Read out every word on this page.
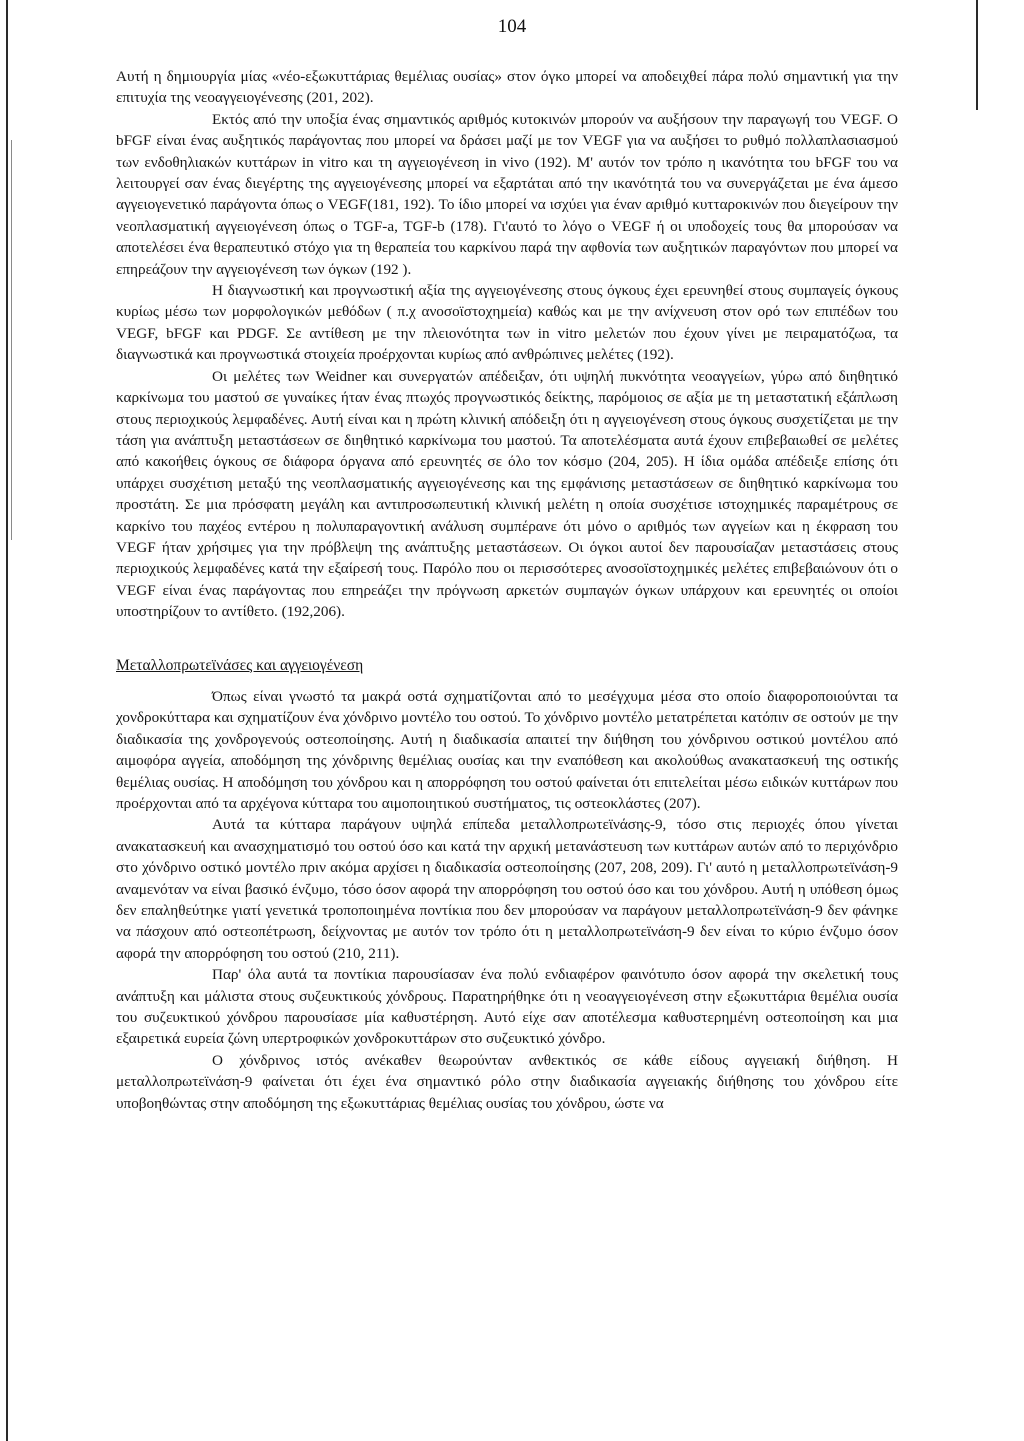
104

Αυτή η δημιουργία μίας «νέο-εξωκυττάριας θεμέλιας ουσίας» στον όγκο μπορεί να αποδειχθεί πάρα πολύ σημαντική για την επιτυχία της νεοαγγειογένεσης (201, 202).

Εκτός από την υποξία ένας σημαντικός αριθμός κυτοκινών μπορούν να αυξήσουν την παραγωγή του VEGF. Ο bFGF είναι ένας αυξητικός παράγοντας που μπορεί να δράσει μαζί με τον VEGF για να αυξήσει το ρυθμό πολλαπλασιασμού των ενδοθηλιακών κυττάρων in vitro και τη αγγειογένεση in vivo (192). Μ' αυτόν τον τρόπο η ικανότητα του bFGF του να λειτουργεί σαν ένας διεγέρτης της αγγειογένεσης μπορεί να εξαρτάται από την ικανότητά του να συνεργάζεται με ένα άμεσο αγγειογενετικό παράγοντα όπως ο VEGF(181, 192). Το ίδιο μπορεί να ισχύει για έναν αριθμό κυτταροκινών που διεγείρουν την νεοπλασματική αγγειογένεση όπως ο TGF-a, TGF-b (178). Γι'αυτό το λόγο ο VEGF ή οι υποδοχείς τους θα μπορούσαν να αποτελέσει ένα θεραπευτικό στόχο για τη θεραπεία του καρκίνου παρά την αφθονία των αυξητικών παραγόντων που μπορεί να επηρεάζουν την αγγειογένεση των όγκων (192 ).

Η διαγνωστική και προγνωστική αξία της αγγειογένεσης στους όγκους έχει ερευνηθεί στους συμπαγείς όγκους κυρίως μέσω των μορφολογικών μεθόδων ( π.χ ανοσοϊστοχημεία) καθώς και με την ανίχνευση στον ορό των επιπέδων του VEGF, bFGF και PDGF. Σε αντίθεση με την πλειονότητα των in vitro μελετών που έχουν γίνει με πειραματόζωα, τα διαγνωστικά και προγνωστικά στοιχεία προέρχονται κυρίως από ανθρώπινες μελέτες (192).

Οι μελέτες των Weidner και συνεργατών απέδειξαν, ότι υψηλή πυκνότητα νεοαγγείων, γύρω από διηθητικό καρκίνωμα του μαστού σε γυναίκες ήταν ένας πτωχός προγνωστικός δείκτης, παρόμοιος σε αξία με τη μεταστατική εξάπλωση στους περιοχικούς λεμφαδένες. Αυτή είναι και η πρώτη κλινική απόδειξη ότι η αγγειογένεση στους όγκους συσχετίζεται με την τάση για ανάπτυξη μεταστάσεων σε διηθητικό καρκίνωμα του μαστού. Τα αποτελέσματα αυτά έχουν επιβεβαιωθεί σε μελέτες από κακοήθεις όγκους σε διάφορα όργανα από ερευνητές σε όλο τον κόσμο (204, 205). Η ίδια ομάδα απέδειξε επίσης ότι υπάρχει συσχέτιση μεταξύ της νεοπλασματικής αγγειογένεσης και της εμφάνισης μεταστάσεων σε διηθητικό καρκίνωμα του προστάτη. Σε μια πρόσφατη μεγάλη και αντιπροσωπευτική κλινική μελέτη η οποία συσχέτισε ιστοχημικές παραμέτρους σε καρκίνο του παχέος εντέρου η πολυπαραγοντική ανάλυση συμπέρανε ότι μόνο ο αριθμός των αγγείων και η έκφραση του VEGF ήταν χρήσιμες για την πρόβλεψη της ανάπτυξης μεταστάσεων. Οι όγκοι αυτοί δεν παρουσίαζαν μεταστάσεις στους περιοχικούς λεμφαδένες κατά την εξαίρεσή τους. Παρόλο που οι περισσότερες ανοσοϊστοχημικές μελέτες επιβεβαιώνουν ότι ο VEGF είναι ένας παράγοντας που επηρεάζει την πρόγνωση αρκετών συμπαγών όγκων υπάρχουν και ερευνητές οι οποίοι υποστηρίζουν το αντίθετο. (192,206).

Μεταλλοπρωτεϊνάσες και αγγειογένεση

Όπως είναι γνωστό τα μακρά οστά σχηματίζονται από το μεσέγχυμα μέσα στο οποίο διαφοροποιούνται τα χονδροκύτταρα και σχηματίζουν ένα χόνδρινο μοντέλο του οστού. Το χόνδρινο μοντέλο μετατρέπεται κατόπιν σε οστούν με την διαδικασία της χονδρογενούς οστεοποίησης. Αυτή η διαδικασία απαιτεί την διήθηση του χόνδρινου οστικού μοντέλου από αιμοφόρα αγγεία, αποδόμηση της χόνδρινης θεμέλιας ουσίας και την εναπόθεση και ακολούθως ανακατασκευή της οστικής θεμέλιας ουσίας. Η αποδόμηση του χόνδρου και η απορρόφηση του οστού φαίνεται ότι επιτελείται μέσω ειδικών κυττάρων που προέρχονται από τα αρχέγονα κύτταρα του αιμοποιητικού συστήματος, τις οστεοκλάστες (207).

Αυτά τα κύτταρα παράγουν υψηλά επίπεδα μεταλλοπρωτεϊνάσης-9, τόσο στις περιοχές όπου γίνεται ανακατασκευή και ανασχηματισμό του οστού όσο και κατά την αρχική μετανάστευση των κυττάρων αυτών από το περιχόνδριο στο χόνδρινο οστικό μοντέλο πριν ακόμα αρχίσει η διαδικασία οστεοποίησης (207, 208, 209). Γι' αυτό η μεταλλοπρωτεϊνάση-9 αναμενόταν να είναι βασικό ένζυμο, τόσο όσον αφορά την απορρόφηση του οστού όσο και του χόνδρου. Αυτή η υπόθεση όμως δεν επαληθεύτηκε γιατί γενετικά τροποποιημένα ποντίκια που δεν μπορούσαν να παράγουν μεταλλοπρωτεϊνάση-9 δεν φάνηκε να πάσχουν από οστεοπέτρωση, δείχνοντας με αυτόν τον τρόπο ότι η μεταλλοπρωτεϊνάση-9 δεν είναι το κύριο ένζυμο όσον αφορά την απορρόφηση του οστού (210, 211).

Παρ' όλα αυτά τα ποντίκια παρουσίασαν ένα πολύ ενδιαφέρον φαινότυπο όσον αφορά την σκελετική τους ανάπτυξη και μάλιστα στους συζευκτικούς χόνδρους. Παρατηρήθηκε ότι η νεοαγγειογένεση στην εξωκυττάρια θεμέλια ουσία του συζευκτικού χόνδρου παρουσίασε μία καθυστέρηση. Αυτό είχε σαν αποτέλεσμα καθυστερημένη οστεοποίηση και μια εξαιρετικά ευρεία ζώνη υπερτροφικών χονδροκυττάρων στο συζευκτικό χόνδρο.

Ο χόνδρινος ιστός ανέκαθεν θεωρούνταν ανθεκτικός σε κάθε είδους αγγειακή διήθηση. Η μεταλλοπρωτεϊνάση-9 φαίνεται ότι έχει ένα σημαντικό ρόλο στην διαδικασία αγγειακής διήθησης του χόνδρου είτε υποβοηθώντας στην αποδόμηση της εξωκυττάριας θεμέλιας ουσίας του χόνδρου, ώστε να
